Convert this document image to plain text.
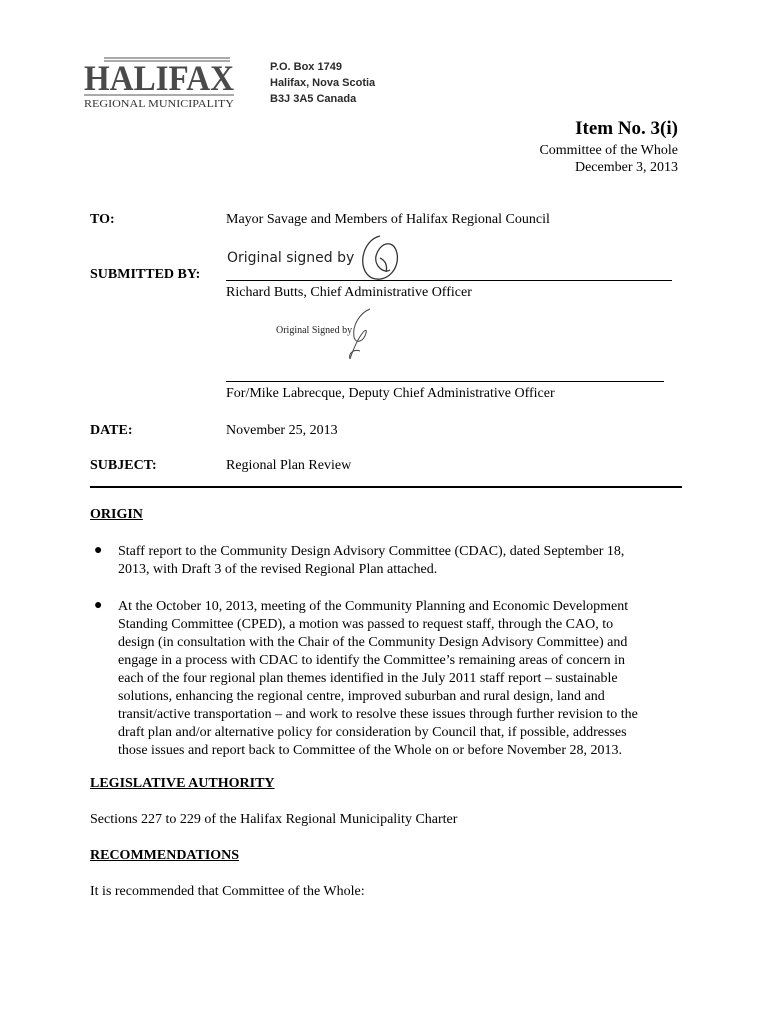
HALIFAX
REGIONAL MUNICIPALITY
P.O. Box 1749
Halifax, Nova Scotia
B3J 3A5 Canada
Item No. 3(i)
Committee of the Whole
December 3, 2013
TO:	Mayor Savage and Members of Halifax Regional Council
Original signed by
SUBMITTED BY:
Richard Butts, Chief Administrative Officer
Original Signed by
For/Mike Labrecque, Deputy Chief Administrative Officer
DATE:	November 25, 2013
SUBJECT:	Regional Plan Review
ORIGIN
● Staff report to the Community Design Advisory Committee (CDAC), dated September 18,
2013, with Draft 3 of the revised Regional Plan attached.
● At the October 10, 2013, meeting of the Community Planning and Economic Development
Standing Committee (CPED), a motion was passed to request staff, through the CAO, to
design (in consultation with the Chair of the Community Design Advisory Committee) and
engage in a process with CDAC to identify the Committee’s remaining areas of concern in
each of the four regional plan themes identified in the July 2011 staff report – sustainable
solutions, enhancing the regional centre, improved suburban and rural design, land and
transit/active transportation – and work to resolve these issues through further revision to the
draft plan and/or alternative policy for consideration by Council that, if possible, addresses
those issues and report back to Committee of the Whole on or before November 28, 2013.
LEGISLATIVE AUTHORITY
Sections 227 to 229 of the Halifax Regional Municipality Charter
RECOMMENDATIONS
It is recommended that Committee of the Whole:
